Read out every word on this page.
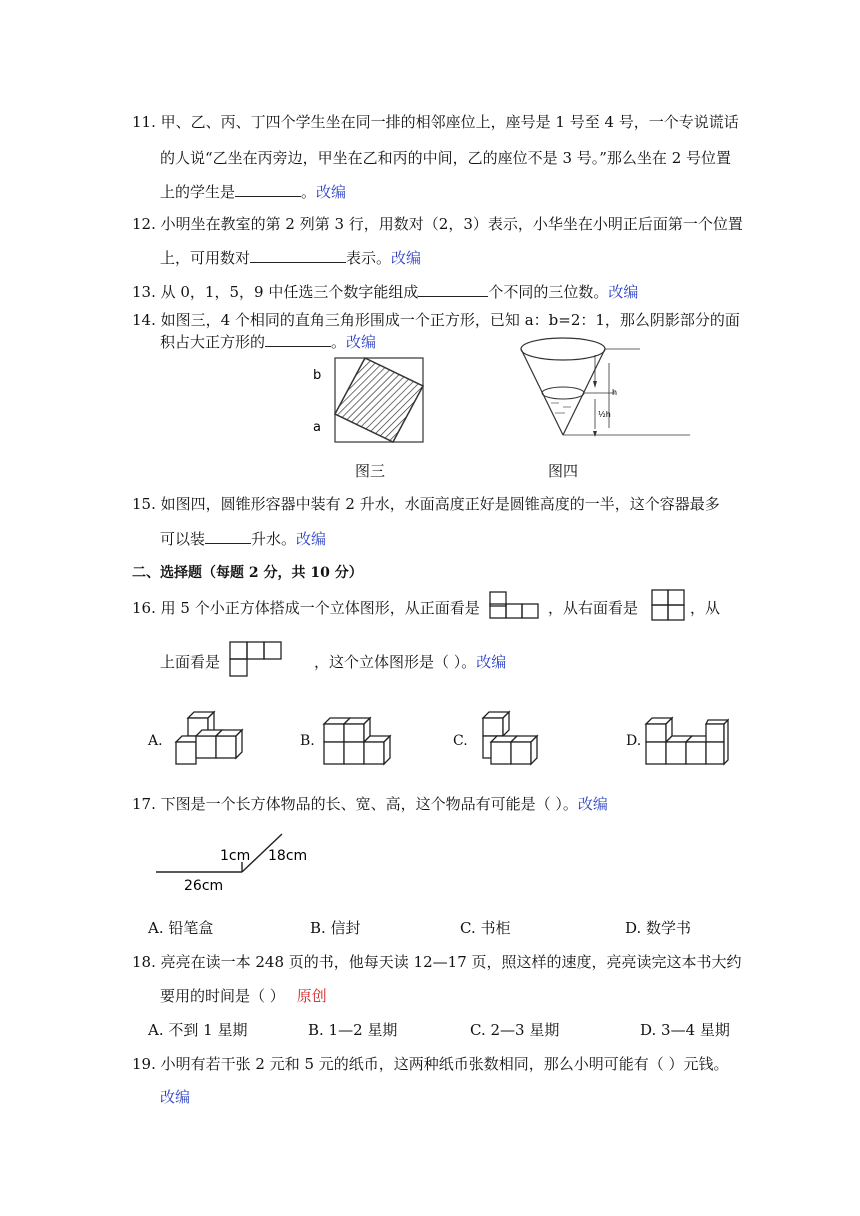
11. 甲、乙、丙、丁四个学生坐在同一排的相邻座位上，座号是 1 号至 4 号，一个专说谎话
的人说“乙坐在丙旁边，甲坐在乙和丙的中间，乙的座位不是 3 号。”那么坐在 2 号位置
上的学生是	。改编
12. 小明坐在教室的第 2 列第 3 行，用数对（2，3）表示，小华坐在小明正后面第一个位置
上，可用数对	表示。改编
13. 从 0，1，5，9 中任选三个数字能组成	个不同的三位数。改编
14. 如图三，4 个相同的直角三角形围成一个正方形，已知 a：b=2：1，那么阴影部分的面
积占大正方形的	。改编
b
a
图三
h
½h
图四
15. 如图四，圆锥形容器中装有 2 升水，水面高度正好是圆锥高度的一半，这个容器最多
可以装	升水。改编
二、选择题（每题 2 分，共 10 分）
16. 用 5 个小正方体搭成一个立体图形，从正面看是	，从右面看是	，从
上面看是	，这个立体图形是（ ）。改编
A.	B.	C.	D.
17. 下图是一个长方体物品的长、宽、高，这个物品有可能是（ ）。改编
1cm 18cm
26cm
A. 铅笔盒	B. 信封	C. 书柜	D. 数学书
18. 亮亮在读一本 248 页的书，他每天读 12—17 页，照这样的速度，亮亮读完这本书大约
要用的时间是（ ） 原创
A. 不到 1 星期	B. 1—2 星期	C. 2—3 星期	D. 3—4 星期
19. 小明有若干张 2 元和 5 元的纸币，这两种纸币张数相同，那么小明可能有（ ）元钱。
改编
